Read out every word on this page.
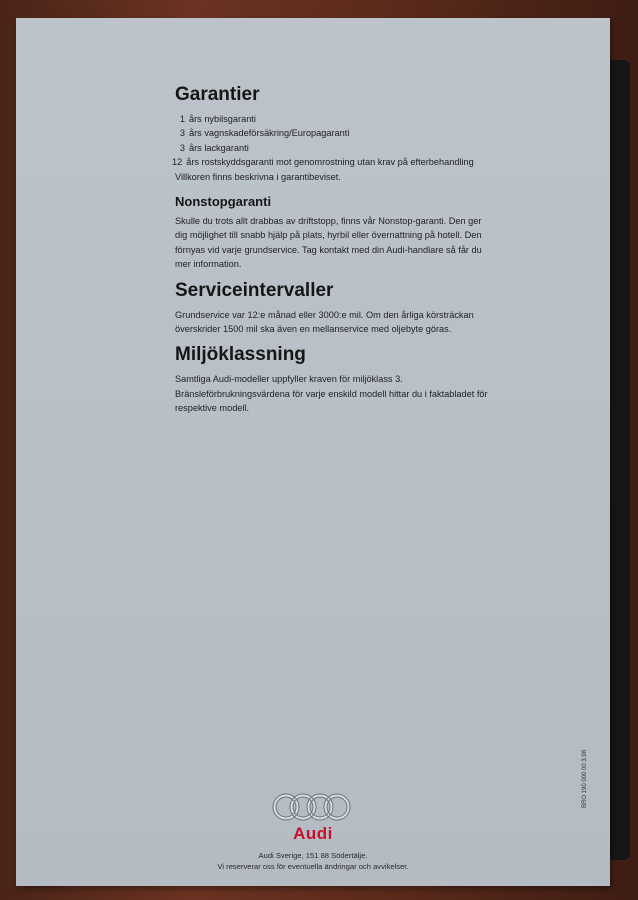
Garantier
1 års nybilsgaranti
3 års vagnskadeförsäkring/Europagaranti
3 års lackgaranti
12 års rostskyddsgaranti mot genomrostning utan krav på efterbehandling

Villkoren finns beskrivna i garantibeviset.

Nonstopgaranti

Skulle du trots allt drabbas av driftstopp, finns vår Nonstop-garanti. Den ger dig möjlighet till snabb hjälp på plats, hyrbil eller övernattning på hotell. Den förnyas vid varje grundservice. Tag kontakt med din Audi-handlare så får du mer information.

Serviceintervaller

Grundservice var 12:e månad eller 3000:e mil. Om den årliga körsträckan överskrider 1500 mil ska även en mellanservice med oljebyte göras.

Miljöklassning

Samtliga Audi-modeller uppfyller kraven för miljöklass 3. Bränsleförbrukningsvärdena för varje enskild modell hittar du i faktabladet för respektive modell.

Audi
Audi Sverige, 151 88 Södertälje.
Vi reserverar oss för eventuella ändringar och avvikelser.
BRO 190 000 00 3.98
